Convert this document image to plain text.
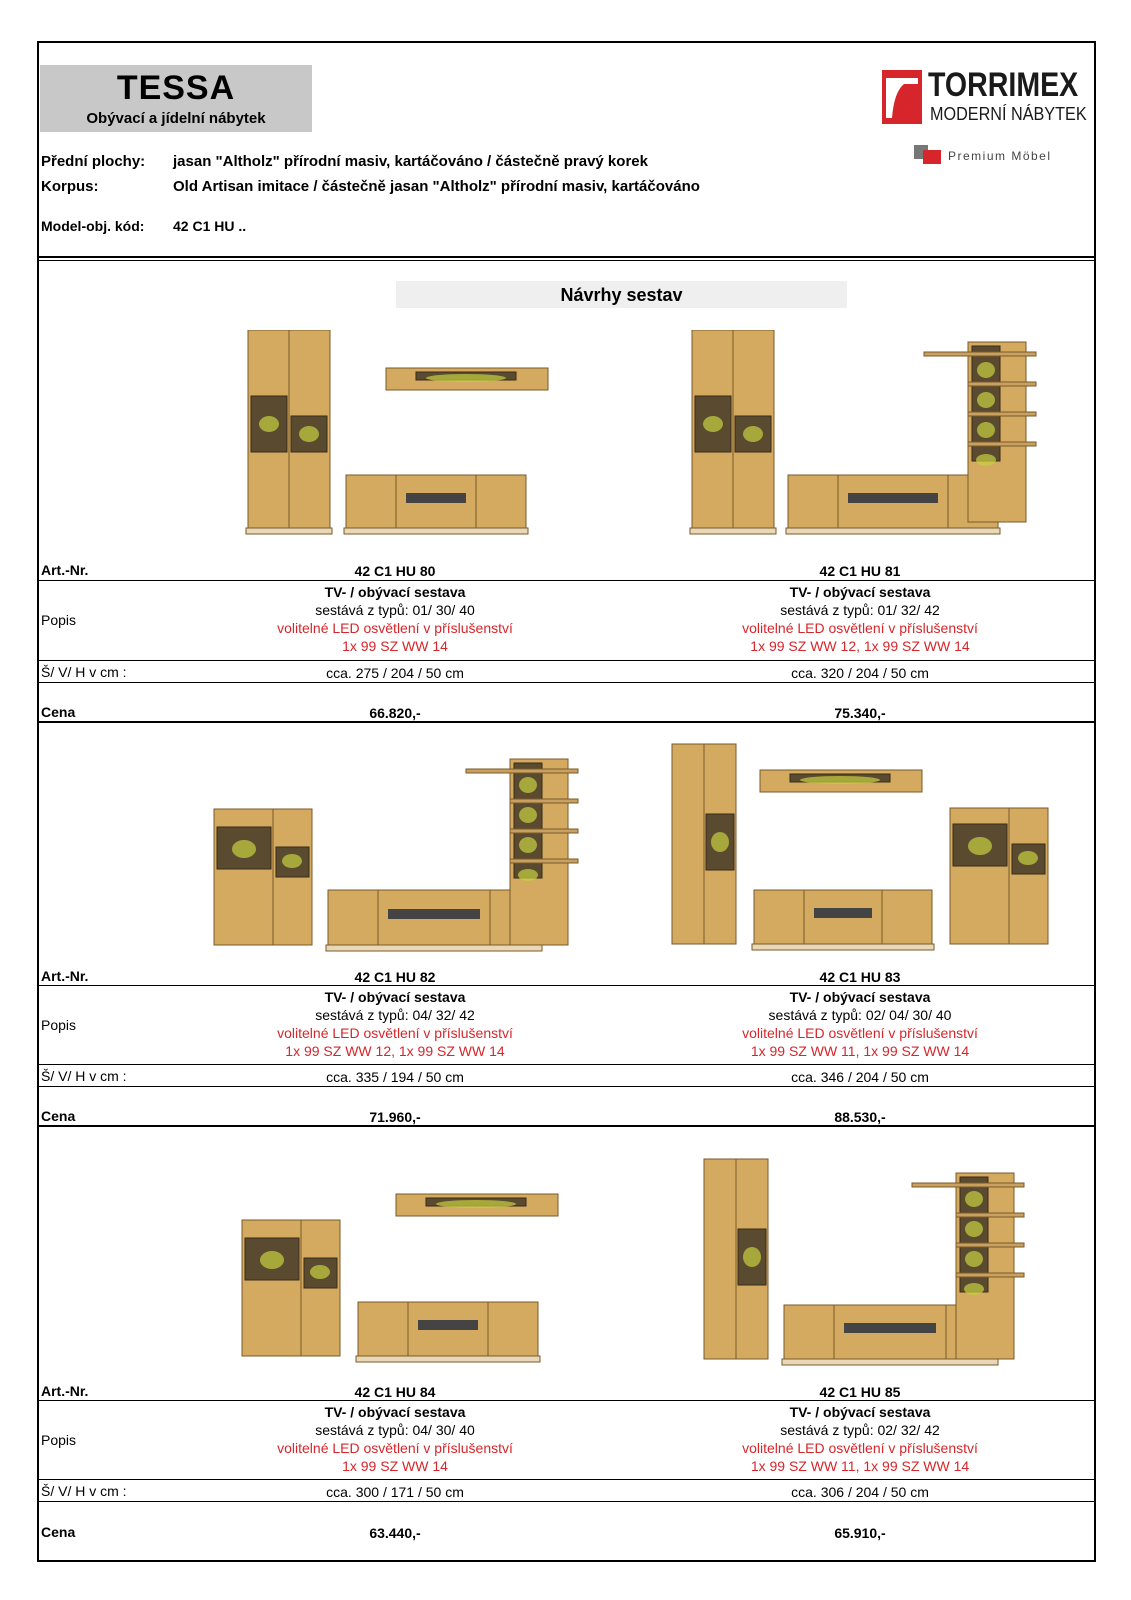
TESSA
Obývací a jídelní nábytek
TORRIMEX
MODERNÍ NÁBYTEK
Premium Möbel
Přední plochy: jasan "Altholz" přírodní masiv, kartáčováno / částečně pravý korek
Korpus:	Old Artisan imitace / částečně jasan "Altholz" přírodní masiv, kartáčováno
Model-obj. kód: 42 C1 HU ..
Návrhy sestav
Art.-Nr.	42 C1 HU 80	42 C1 HU 81
Popis
TV- / obývací sestava
sestává z typů: 01/ 30/ 40
volitelné LED osvětlení v příslušenství
1x 99 SZ WW 14
TV- / obývací sestava
sestává z typů: 01/ 32/ 42
volitelné LED osvětlení v příslušenství
1x 99 SZ WW 12, 1x 99 SZ WW 14
Š/ V/ H v cm :	cca. 275 / 204 / 50 cm	cca. 320 / 204 / 50 cm
Cena	66.820,-	75.340,-
Art.-Nr.	42 C1 HU 82	42 C1 HU 83
Popis
TV- / obývací sestava
sestává z typů: 04/ 32/ 42
volitelné LED osvětlení v příslušenství
1x 99 SZ WW 12, 1x 99 SZ WW 14
TV- / obývací sestava
sestává z typů: 02/ 04/ 30/ 40
volitelné LED osvětlení v příslušenství
1x 99 SZ WW 11, 1x 99 SZ WW 14
Š/ V/ H v cm :	cca. 335 / 194 / 50 cm	cca. 346 / 204 / 50 cm
Cena	71.960,-	88.530,-
Art.-Nr.	42 C1 HU 84	42 C1 HU 85
Popis
TV- / obývací sestava
sestává z typů: 04/ 30/ 40
volitelné LED osvětlení v příslušenství
1x 99 SZ WW 14
TV- / obývací sestava
sestává z typů: 02/ 32/ 42
volitelné LED osvětlení v příslušenství
1x 99 SZ WW 11, 1x 99 SZ WW 14
Š/ V/ H v cm :	cca. 300 / 171 / 50 cm	cca. 306 / 204 / 50 cm
Cena	63.440,-	65.910,-
